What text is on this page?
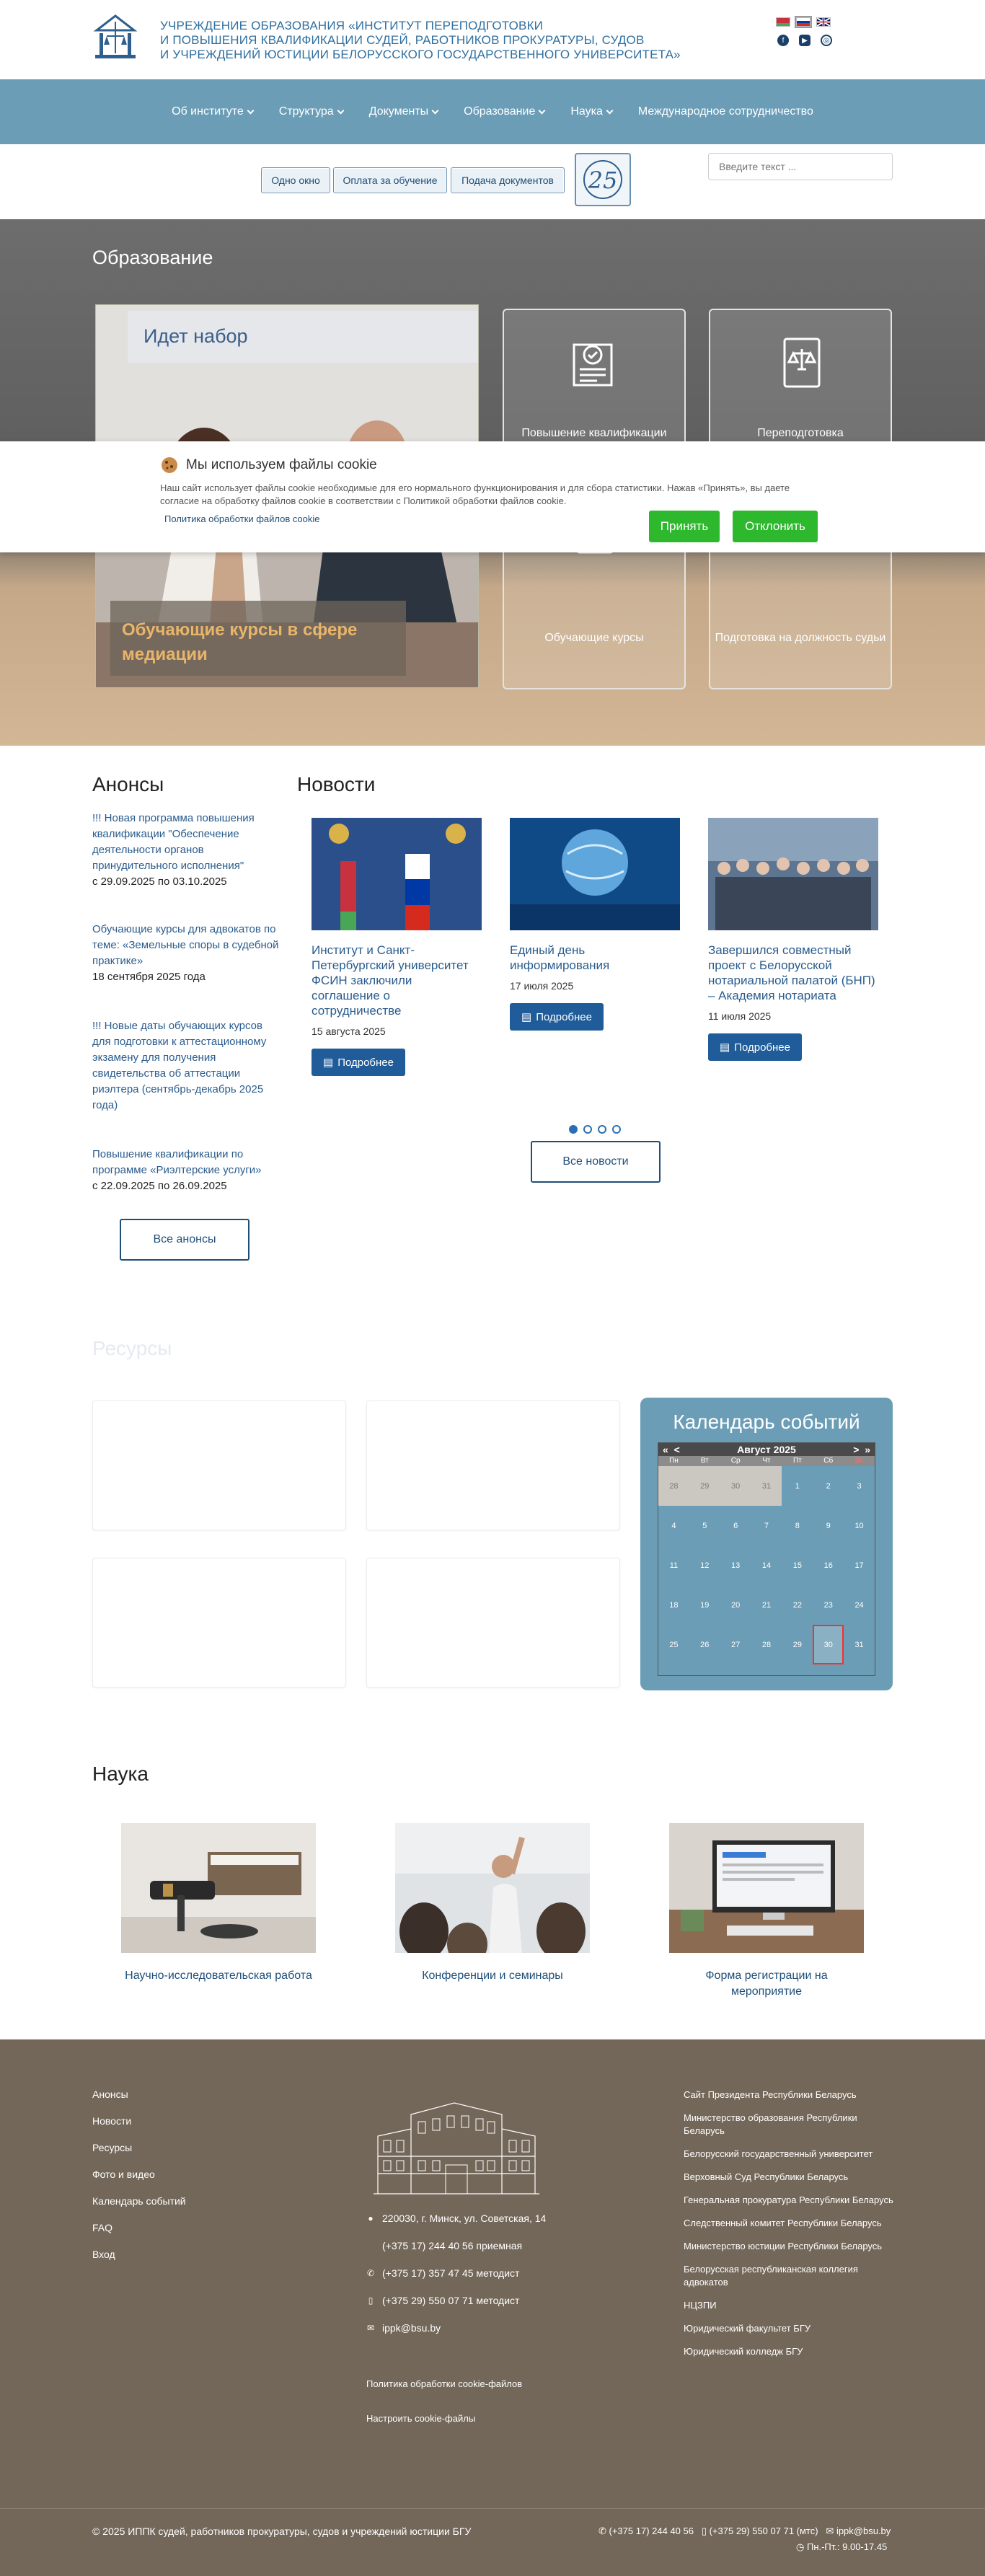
УЧРЕЖДЕНИЕ ОБРАЗОВАНИЯ «ИНСТИТУТ ПЕРЕПОДГОТОВКИ
И ПОВЫШЕНИЯ КВАЛИФИКАЦИИ СУДЕЙ, РАБОТНИКОВ ПРОКУРАТУРЫ, СУДОВ
И УЧРЕЖДЕНИЙ ЮСТИЦИИ БЕЛОРУССКОГО ГОСУДАРСТВЕННОГО УНИВЕРСИТЕТА»
f	▶	◎
Об институте	Структура	Документы	Образование	Наука	Международное сотрудничество
Одно окно	Оплата за обучение	Подача документов	25
Введите текст ...
Образование
Идет набор
Обучающие курсы в сфере медиации
Повышение квалификации	Переподготовка
Обучающие курсы	Подготовка на должность судьи
Мы используем файлы cookie
Наш сайт использует файлы cookie необходимые для его нормального функционирования и для сбора статистики. Нажав «Принять», вы даете согласие на обработку файлов cookie в соответствии с Политикой обработки файлов cookie.
Политика обработки файлов cookie
Принять	Отклонить
Анонсы
!!! Новая программа повышения квалификации "Обеспечение деятельности органов принудительного исполнения"
с 29.09.2025 по 03.10.2025
Обучающие курсы для адвокатов по теме: «Земельные споры в судебной практике»
18 сентября 2025 года
!!! Новые даты обучающих курсов для подготовки к аттестационному экзамену для получения свидетельства об аттестации риэлтера (сентябрь-декабрь 2025 года)
Повышение квалификации по программе «Риэлтерские услуги»
с 22.09.2025 по 26.09.2025
Все анонсы
Новости
Институт и Санкт-Петербургский университет ФСИН заключили соглашение о сотрудничестве
15 августа 2025
▤ Подробнее
Единый день информирования
17 июля 2025
▤ Подробнее
Завершился совместный проект с Белорусской нотариальной палатой (БНП) – Академия нотариата
11 июля 2025
▤ Подробнее
Все новости
Ресурсы
Календарь событий
« <	Август 2025	> »
Пн	Вт	Ср	Чт	Пт	Сб	Вс
28	29	30	31	1	2	3
4	5	6	7	8	9	10
11	12	13	14	15	16	17
18	19	20	21	22	23	24
25	26	27	28	29	30	31
Наука
Научно-исследовательская работа	Конференции и семинары	Форма регистрации на мероприятие
Анонсы
Новости
Ресурсы
Фото и видео
Календарь событий
FAQ
Вход
● 220030, г. Минск, ул. Советская, 14
(+375 17) 244 40 56 приемная
✆ (+375 17) 357 47 45 методист
▯ (+375 29) 550 07 71 методист
✉ ippk@bsu.by
Политика обработки cookie-файлов
Настроить cookie-файлы
Сайт Президента Республики Беларусь
Министерство образования Республики Беларусь
Белорусский государственный университет
Верховный Суд Республики Беларусь
Генеральная прокуратура Республики Беларусь
Следственный комитет Республики Беларусь
Министерство юстиции Республики Беларусь
Белорусская республиканская коллегия адвокатов
НЦЗПИ
Юридический факультет БГУ
Юридический колледж БГУ
© 2025 ИППК судей, работников прокуратуры, судов и учреждений юстиции БГУ	✆ (+375 17) 244 40 56 ▯ (+375 29) 550 07 71 (мтс) ✉ ippk@bsu.by
◷ Пн.-Пт.: 9.00-17.45
